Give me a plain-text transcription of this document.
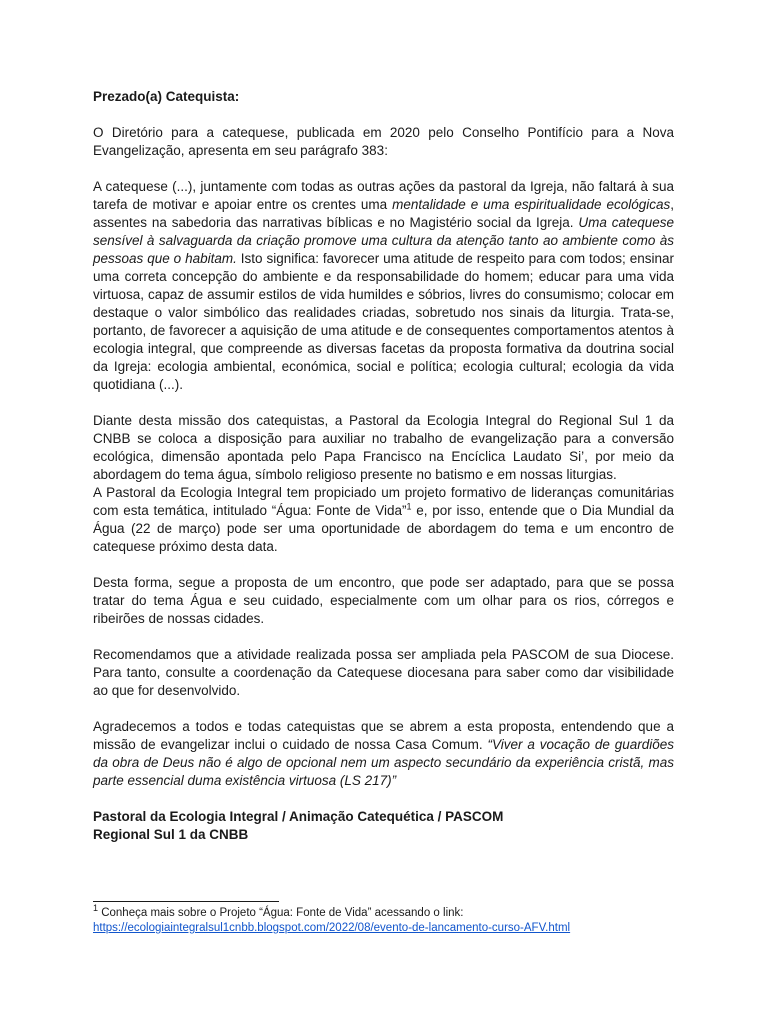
Prezado(a) Catequista:

O Diretório para a catequese, publicada em 2020 pelo Conselho Pontifício para a Nova Evangelização, apresenta em seu parágrafo 383:

A catequese (...), juntamente com todas as outras ações da pastoral da Igreja, não faltará à sua tarefa de motivar e apoiar entre os crentes uma mentalidade e uma espiritualidade ecológicas, assentes na sabedoria das narrativas bíblicas e no Magistério social da Igreja. Uma catequese sensível à salvaguarda da criação promove uma cultura da atenção tanto ao ambiente como às pessoas que o habitam. Isto significa: favorecer uma atitude de respeito para com todos; ensinar uma correta concepção do ambiente e da responsabilidade do homem; educar para uma vida virtuosa, capaz de assumir estilos de vida humildes e sóbrios, livres do consumismo; colocar em destaque o valor simbólico das realidades criadas, sobretudo nos sinais da liturgia. Trata-se, portanto, de favorecer a aquisição de uma atitude e de consequentes comportamentos atentos à ecologia integral, que compreende as diversas facetas da proposta formativa da doutrina social da Igreja: ecologia ambiental, económica, social e política; ecologia cultural; ecologia da vida quotidiana (...).

Diante desta missão dos catequistas, a Pastoral da Ecologia Integral do Regional Sul 1 da CNBB se coloca a disposição para auxiliar no trabalho de evangelização para a conversão ecológica, dimensão apontada pelo Papa Francisco na Encíclica Laudato Si’, por meio da abordagem do tema água, símbolo religioso presente no batismo e em nossas liturgias.

A Pastoral da Ecologia Integral tem propiciado um projeto formativo de lideranças comunitárias com esta temática, intitulado “Água: Fonte de Vida”$^1$ e, por isso, entende que o Dia Mundial da Água (22 de março) pode ser uma oportunidade de abordagem do tema e um encontro de catequese próximo desta data.

Desta forma, segue a proposta de um encontro, que pode ser adaptado, para que se possa tratar do tema Água e seu cuidado, especialmente com um olhar para os rios, córregos e ribeirões de nossas cidades.

Recomendamos que a atividade realizada possa ser ampliada pela PASCOM de sua Diocese. Para tanto, consulte a coordenação da Catequese diocesana para saber como dar visibilidade ao que for desenvolvido.

Agradecemos a todos e todas catequistas que se abrem a esta proposta, entendendo que a missão de evangelizar inclui o cuidado de nossa Casa Comum. “Viver a vocação de guardiões da obra de Deus não é algo de opcional nem um aspecto secundário da experiência cristã, mas parte essencial duma existência virtuosa (LS 217)”

Pastoral da Ecologia Integral / Animação Catequética / PASCOM
Regional Sul 1 da CNBB
$^1$ Conheça mais sobre o Projeto “Água: Fonte de Vida” acessando o link:
https://ecologiaintegralsul1cnbb.blogspot.com/2022/08/evento-de-lancamento-curso-AFV.html
